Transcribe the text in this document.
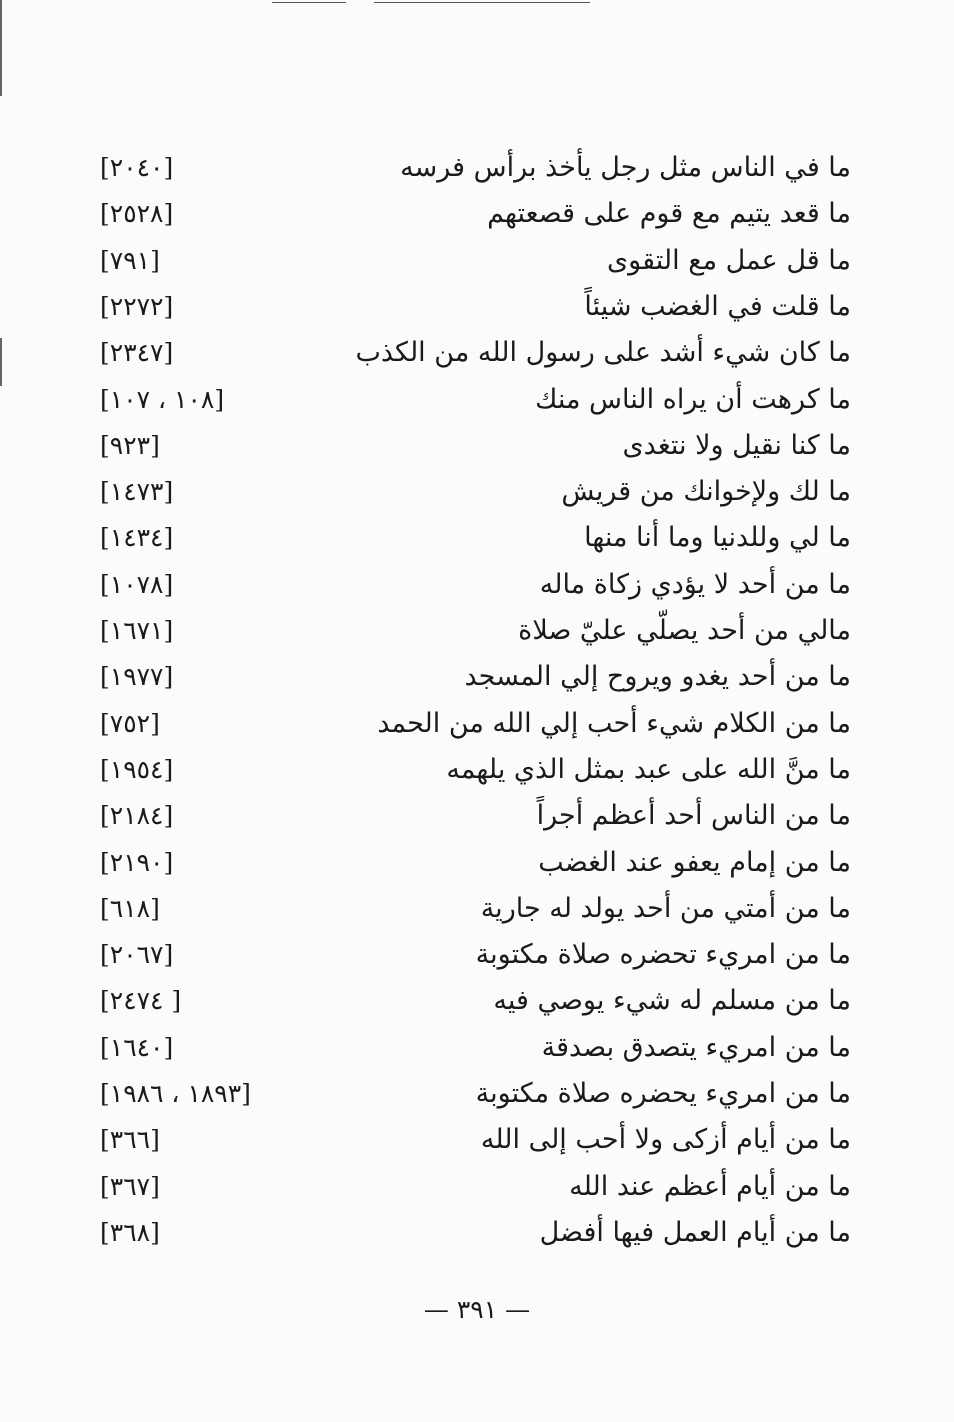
ما في الناس مثل رجل يأخذ برأس فرسه
[٢٠٤٠]
ما قعد يتيم مع قوم على قصعتهم
[٢٥٢٨]
ما قل عمل مع التقوى
[٧٩١]
ما قلت في الغضب شيئاً
[٢٢٧٢]
ما كان شيء أشد على رسول الله من الكذب
[٢٣٤٧]
ما كرهت أن يراه الناس منك
[١٠٨ ، ١٠٧]
ما كنا نقيل ولا نتغدى
[٩٢٣]
ما لك ولإخوانك من قريش
[١٤٧٣]
ما لي وللدنيا وما أنا منها
[١٤٣٤]
ما من أحد لا يؤدي زكاة ماله
[١٠٧٨]
مالي من أحد يصلّي عليّ صلاة
[١٦٧١]
ما من أحد يغدو ويروح إلي المسجد
[١٩٧٧]
ما من الكلام شيء أحب إلي الله من الحمد
[٧٥٢]
ما منَّ الله على عبد بمثل الذي يلهمه
[١٩٥٤]
ما من الناس أحد أعظم أجراً
[٢١٨٤]
ما من إمام يعفو عند الغضب
[٢١٩٠]
ما من أمتي من أحد يولد له جارية
[٦١٨]
ما من امريء تحضره صلاة مكتوبة
[٢٠٦٧]
ما من مسلم له شيء يوصي فيه
[ ٢٤٧٤]
ما من امريء يتصدق بصدقة
[١٦٤٠]
ما من امريء يحضره صلاة مكتوبة
[١٨٩٣ ، ١٩٨٦]
ما من أيام أزكى ولا أحب إلى الله
[٣٦٦]
ما من أيام أعظم عند الله
[٣٦٧]
ما من أيام العمل فيها أفضل
[٣٦٨]
— ٣٩١ —
